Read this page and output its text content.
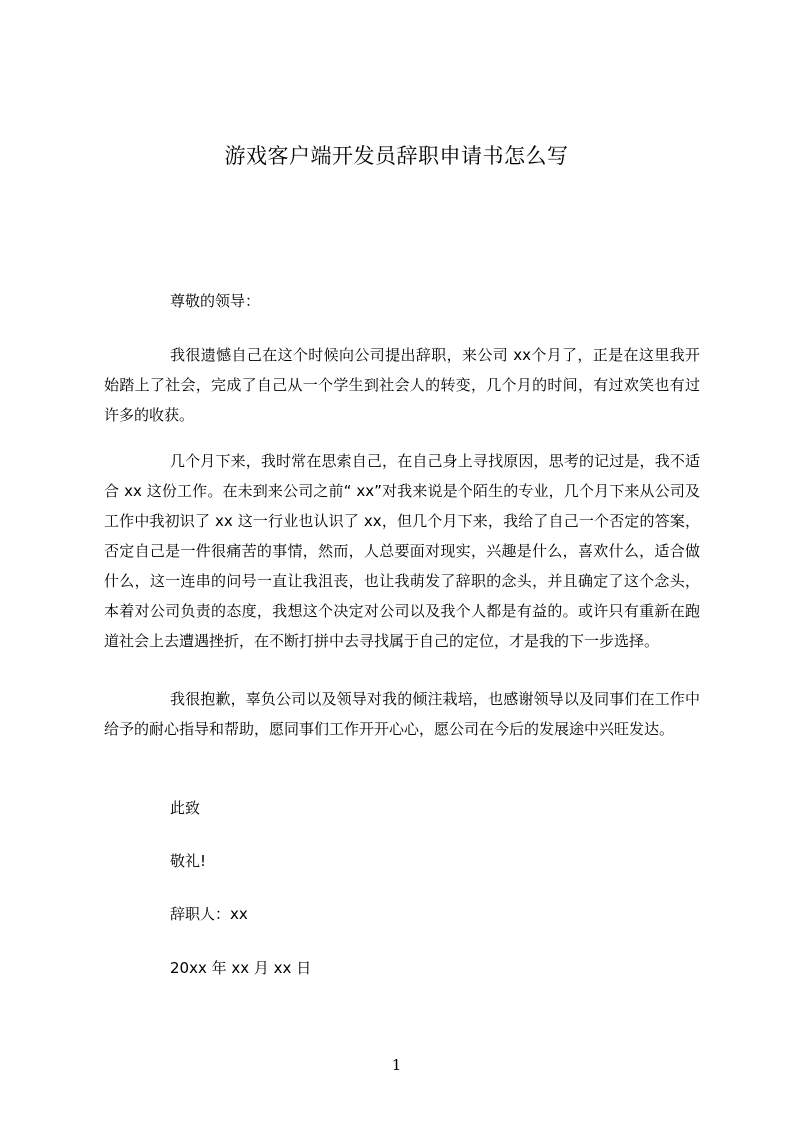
游戏客户端开发员辞职申请书怎么写
尊敬的领导：
我很遗憾自己在这个时候向公司提出辞职，来公司 xx个月了，正是在这里我开始踏上了社会，完成了自己从一个学生到社会人的转变，几个月的时间，有过欢笑也有过许多的收获。
几个月下来，我时常在思索自己，在自己身上寻找原因，思考的记过是，我不适合 xx 这份工作。在未到来公司之前“ xx”对我来说是个陌生的专业，几个月下来从公司及工作中我初识了 xx 这一行业也认识了 xx，但几个月下来，我给了自己一个否定的答案，否定自己是一件很痛苦的事情，然而，人总要面对现实，兴趣是什么，喜欢什么，适合做什么，这一连串的问号一直让我沮丧，也让我萌发了辞职的念头，并且确定了这个念头，本着对公司负责的态度，我想这个决定对公司以及我个人都是有益的。或许只有重新在跑道社会上去遭遇挫折，在不断打拼中去寻找属于自己的定位，才是我的下一步选择。
我很抱歉，辜负公司以及领导对我的倾注栽培，也感谢领导以及同事们在工作中给予的耐心指导和帮助，愿同事们工作开开心心，愿公司在今后的发展途中兴旺发达。
此致
敬礼!
辞职人：xx
20xx 年 xx 月 xx 日
1
